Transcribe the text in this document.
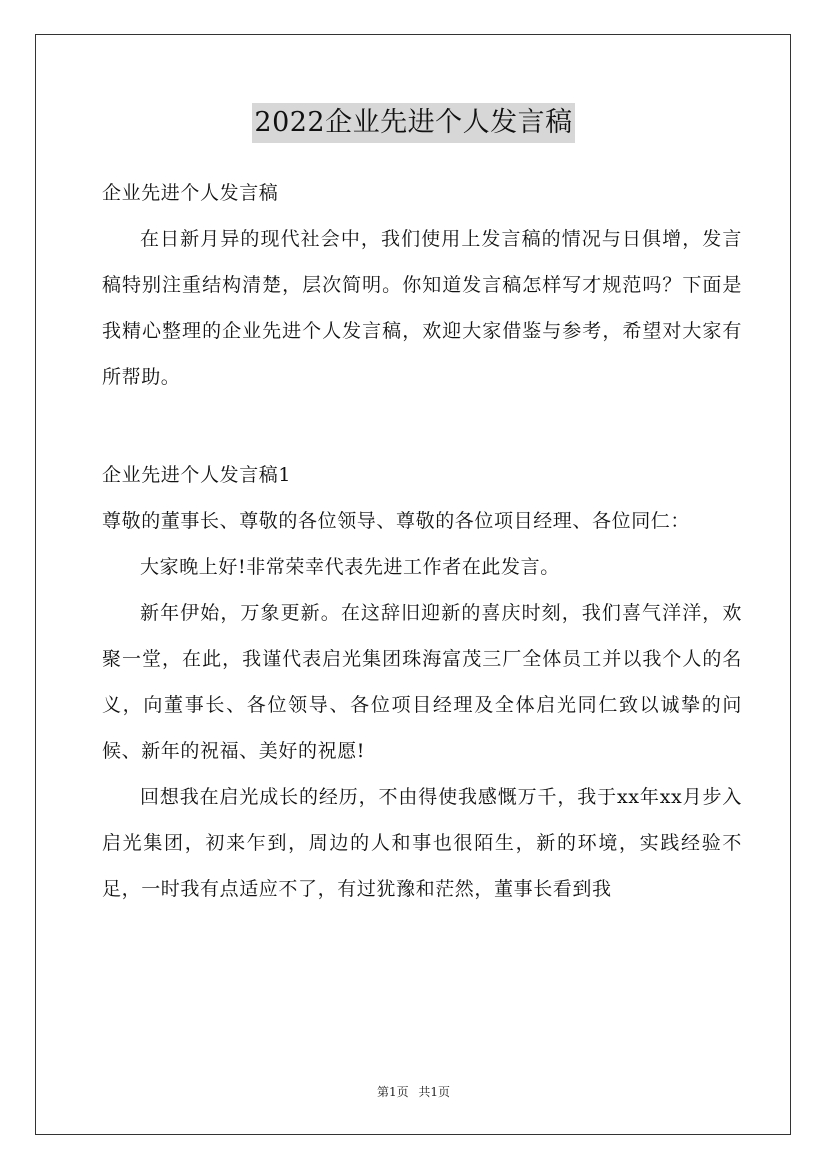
2022企业先进个人发言稿

企业先进个人发言稿

在日新月异的现代社会中，我们使用上发言稿的情况与日俱增，发言稿特别注重结构清楚，层次简明。你知道发言稿怎样写才规范吗？下面是我精心整理的企业先进个人发言稿，欢迎大家借鉴与参考，希望对大家有所帮助。

企业先进个人发言稿1

尊敬的董事长、尊敬的各位领导、尊敬的各位项目经理、各位同仁：

大家晚上好!非常荣幸代表先进工作者在此发言。

新年伊始，万象更新。在这辞旧迎新的喜庆时刻，我们喜气洋洋，欢聚一堂，在此，我谨代表启光集团珠海富茂三厂全体员工并以我个人的名义，向董事长、各位领导、各位项目经理及全体启光同仁致以诚挚的问候、新年的祝福、美好的祝愿!

回想我在启光成长的经历，不由得使我感慨万千，我于xx年xx月步入启光集团，初来乍到，周边的人和事也很陌生，新的环境，实践经验不足，一时我有点适应不了，有过犹豫和茫然，董事长看到我

第1页 共1页
